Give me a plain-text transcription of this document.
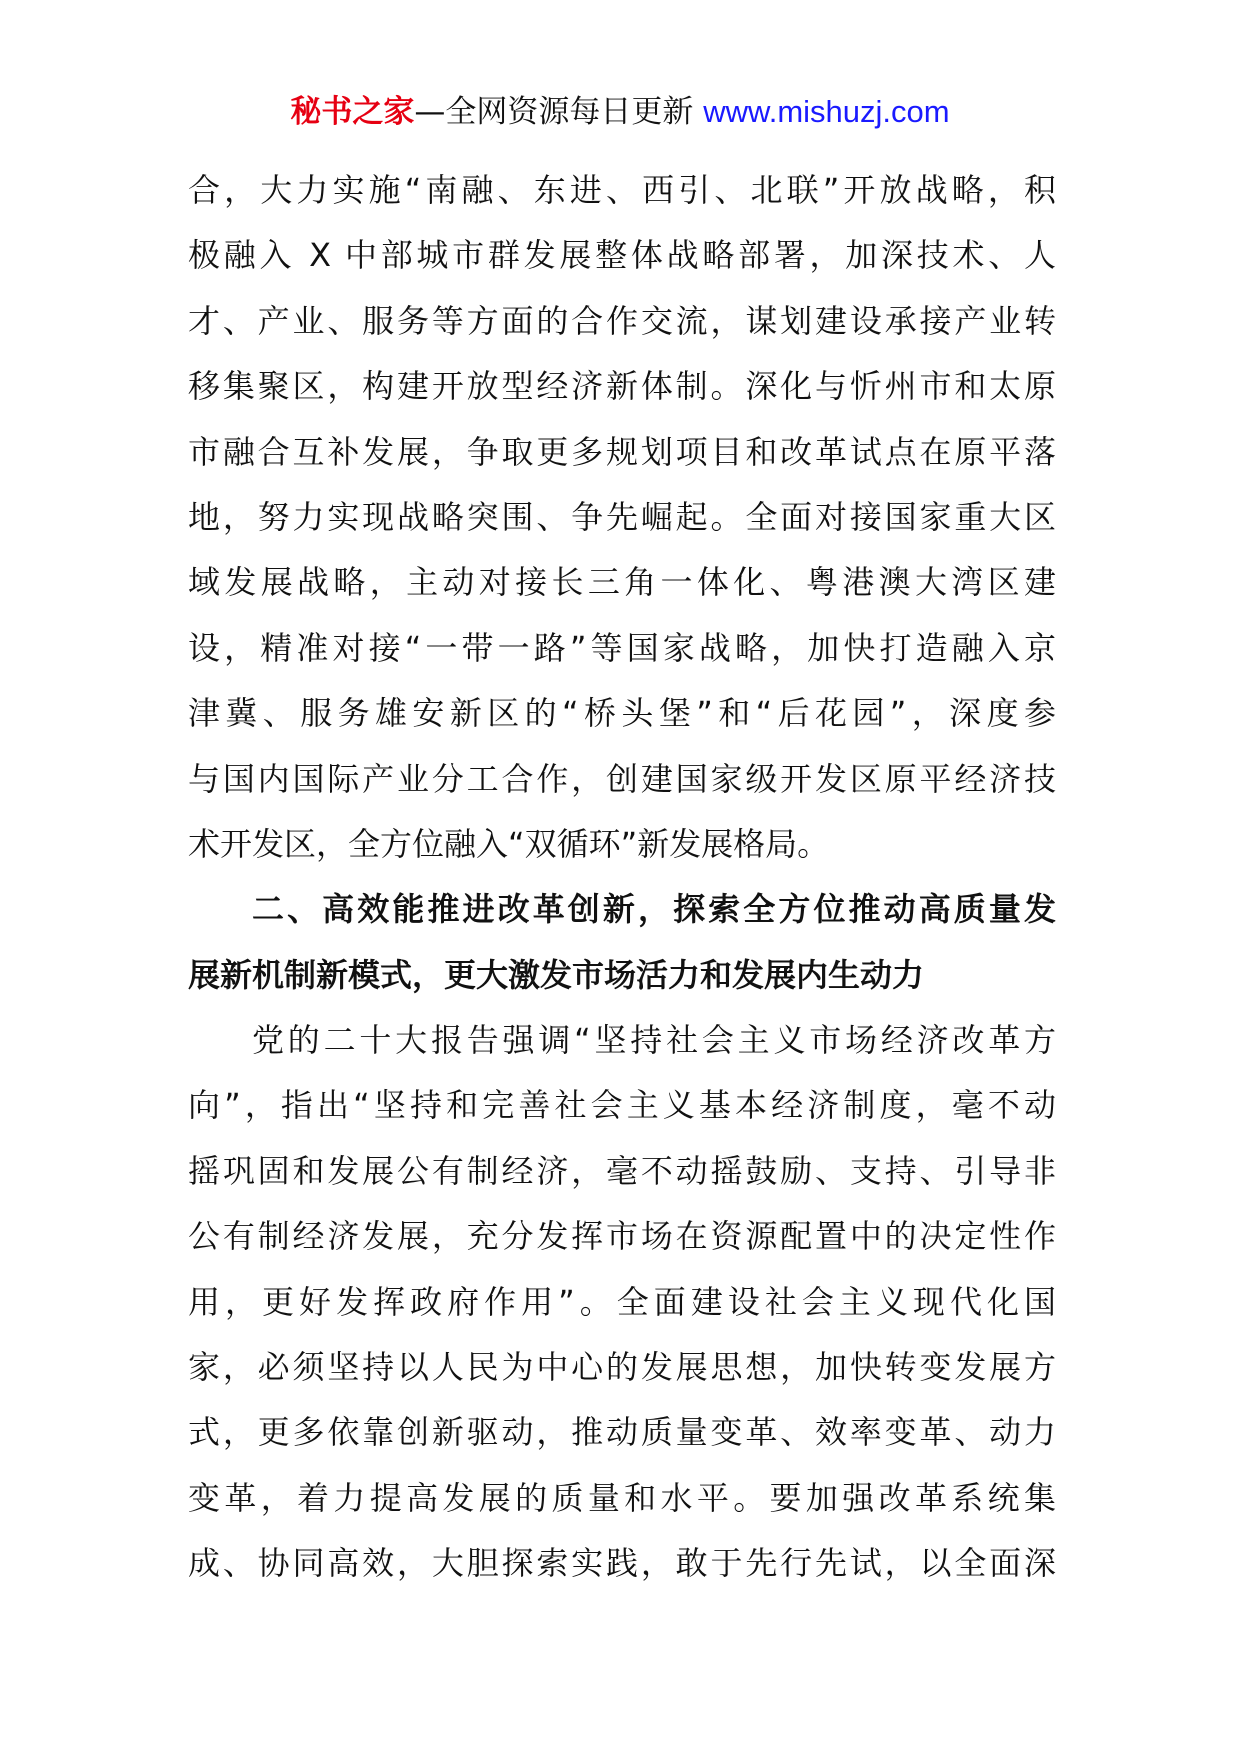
秘书之家—全网资源每日更新 www.mishuzj.com
合，大力实施“南融、东进、西引、北联”开放战略，积
极融入 X 中部城市群发展整体战略部署，加深技术、人
才、产业、服务等方面的合作交流，谋划建设承接产业转
移集聚区，构建开放型经济新体制。深化与忻州市和太原
市融合互补发展，争取更多规划项目和改革试点在原平落
地，努力实现战略突围、争先崛起。全面对接国家重大区
域发展战略，主动对接长三角一体化、粤港澳大湾区建
设，精准对接“一带一路”等国家战略，加快打造融入京
津冀、服务雄安新区的“桥头堡”和“后花园”，深度参
与国内国际产业分工合作，创建国家级开发区原平经济技
术开发区，全方位融入“双循环”新发展格局。
二、高效能推进改革创新，探索全方位推动高质量发
展新机制新模式，更大激发市场活力和发展内生动力
党的二十大报告强调“坚持社会主义市场经济改革方
向”，指出“坚持和完善社会主义基本经济制度，毫不动
摇巩固和发展公有制经济，毫不动摇鼓励、支持、引导非
公有制经济发展，充分发挥市场在资源配置中的决定性作
用，更好发挥政府作用”。全面建设社会主义现代化国
家，必须坚持以人民为中心的发展思想，加快转变发展方
式，更多依靠创新驱动，推动质量变革、效率变革、动力
变革，着力提高发展的质量和水平。要加强改革系统集
成、协同高效，大胆探索实践，敢于先行先试，以全面深
